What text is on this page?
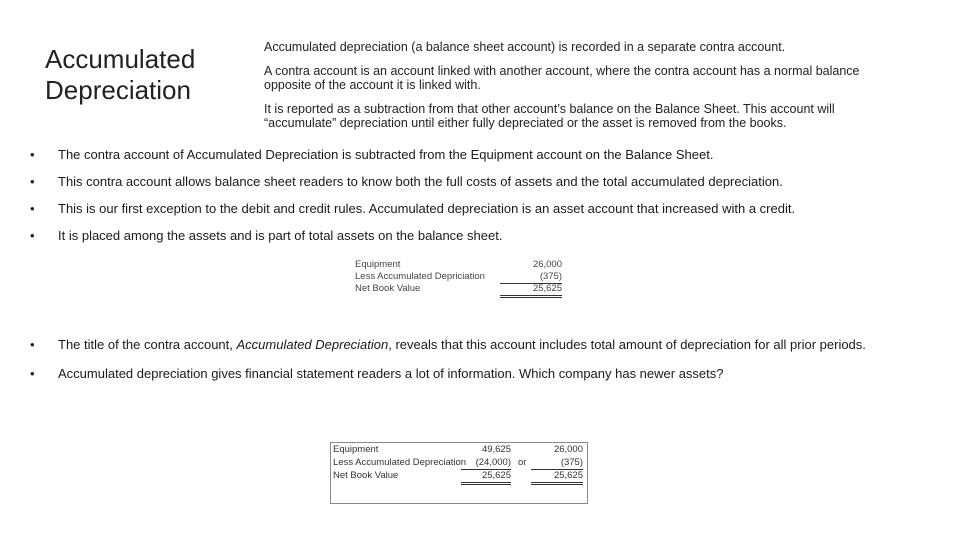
Accumulated Depreciation

Accumulated depreciation (a balance sheet account) is recorded in a separate contra account.

A contra account is an account linked with another account, where the contra account has a normal balance opposite of the account it is linked with.

It is reported as a subtraction from that other account’s balance on the Balance Sheet. This account will “accumulate” depreciation until either fully depreciated or the asset is removed from the books.

• The contra account of Accumulated Depreciation is subtracted from the Equipment account on the Balance Sheet.
• This contra account allows balance sheet readers to know both the full costs of assets and the total accumulated depreciation.
• This is our first exception to the debit and credit rules. Accumulated depreciation is an asset account that increased with a credit.
• It is placed among the assets and is part of total assets on the balance sheet.
Equipment	26,000
Less Accumulated Depriciation	(375)
Net Book Value	25,625
• The title of the contra account, Accumulated Depreciation, reveals that this account includes total amount of depreciation for all prior periods.
• Accumulated depreciation gives financial statement readers a lot of information. Which company has newer assets?
Equipment	49,625	26,000
Less Accumulated Depreciation	(24,000) or	(375)
Net Book Value	25,625	25,625
